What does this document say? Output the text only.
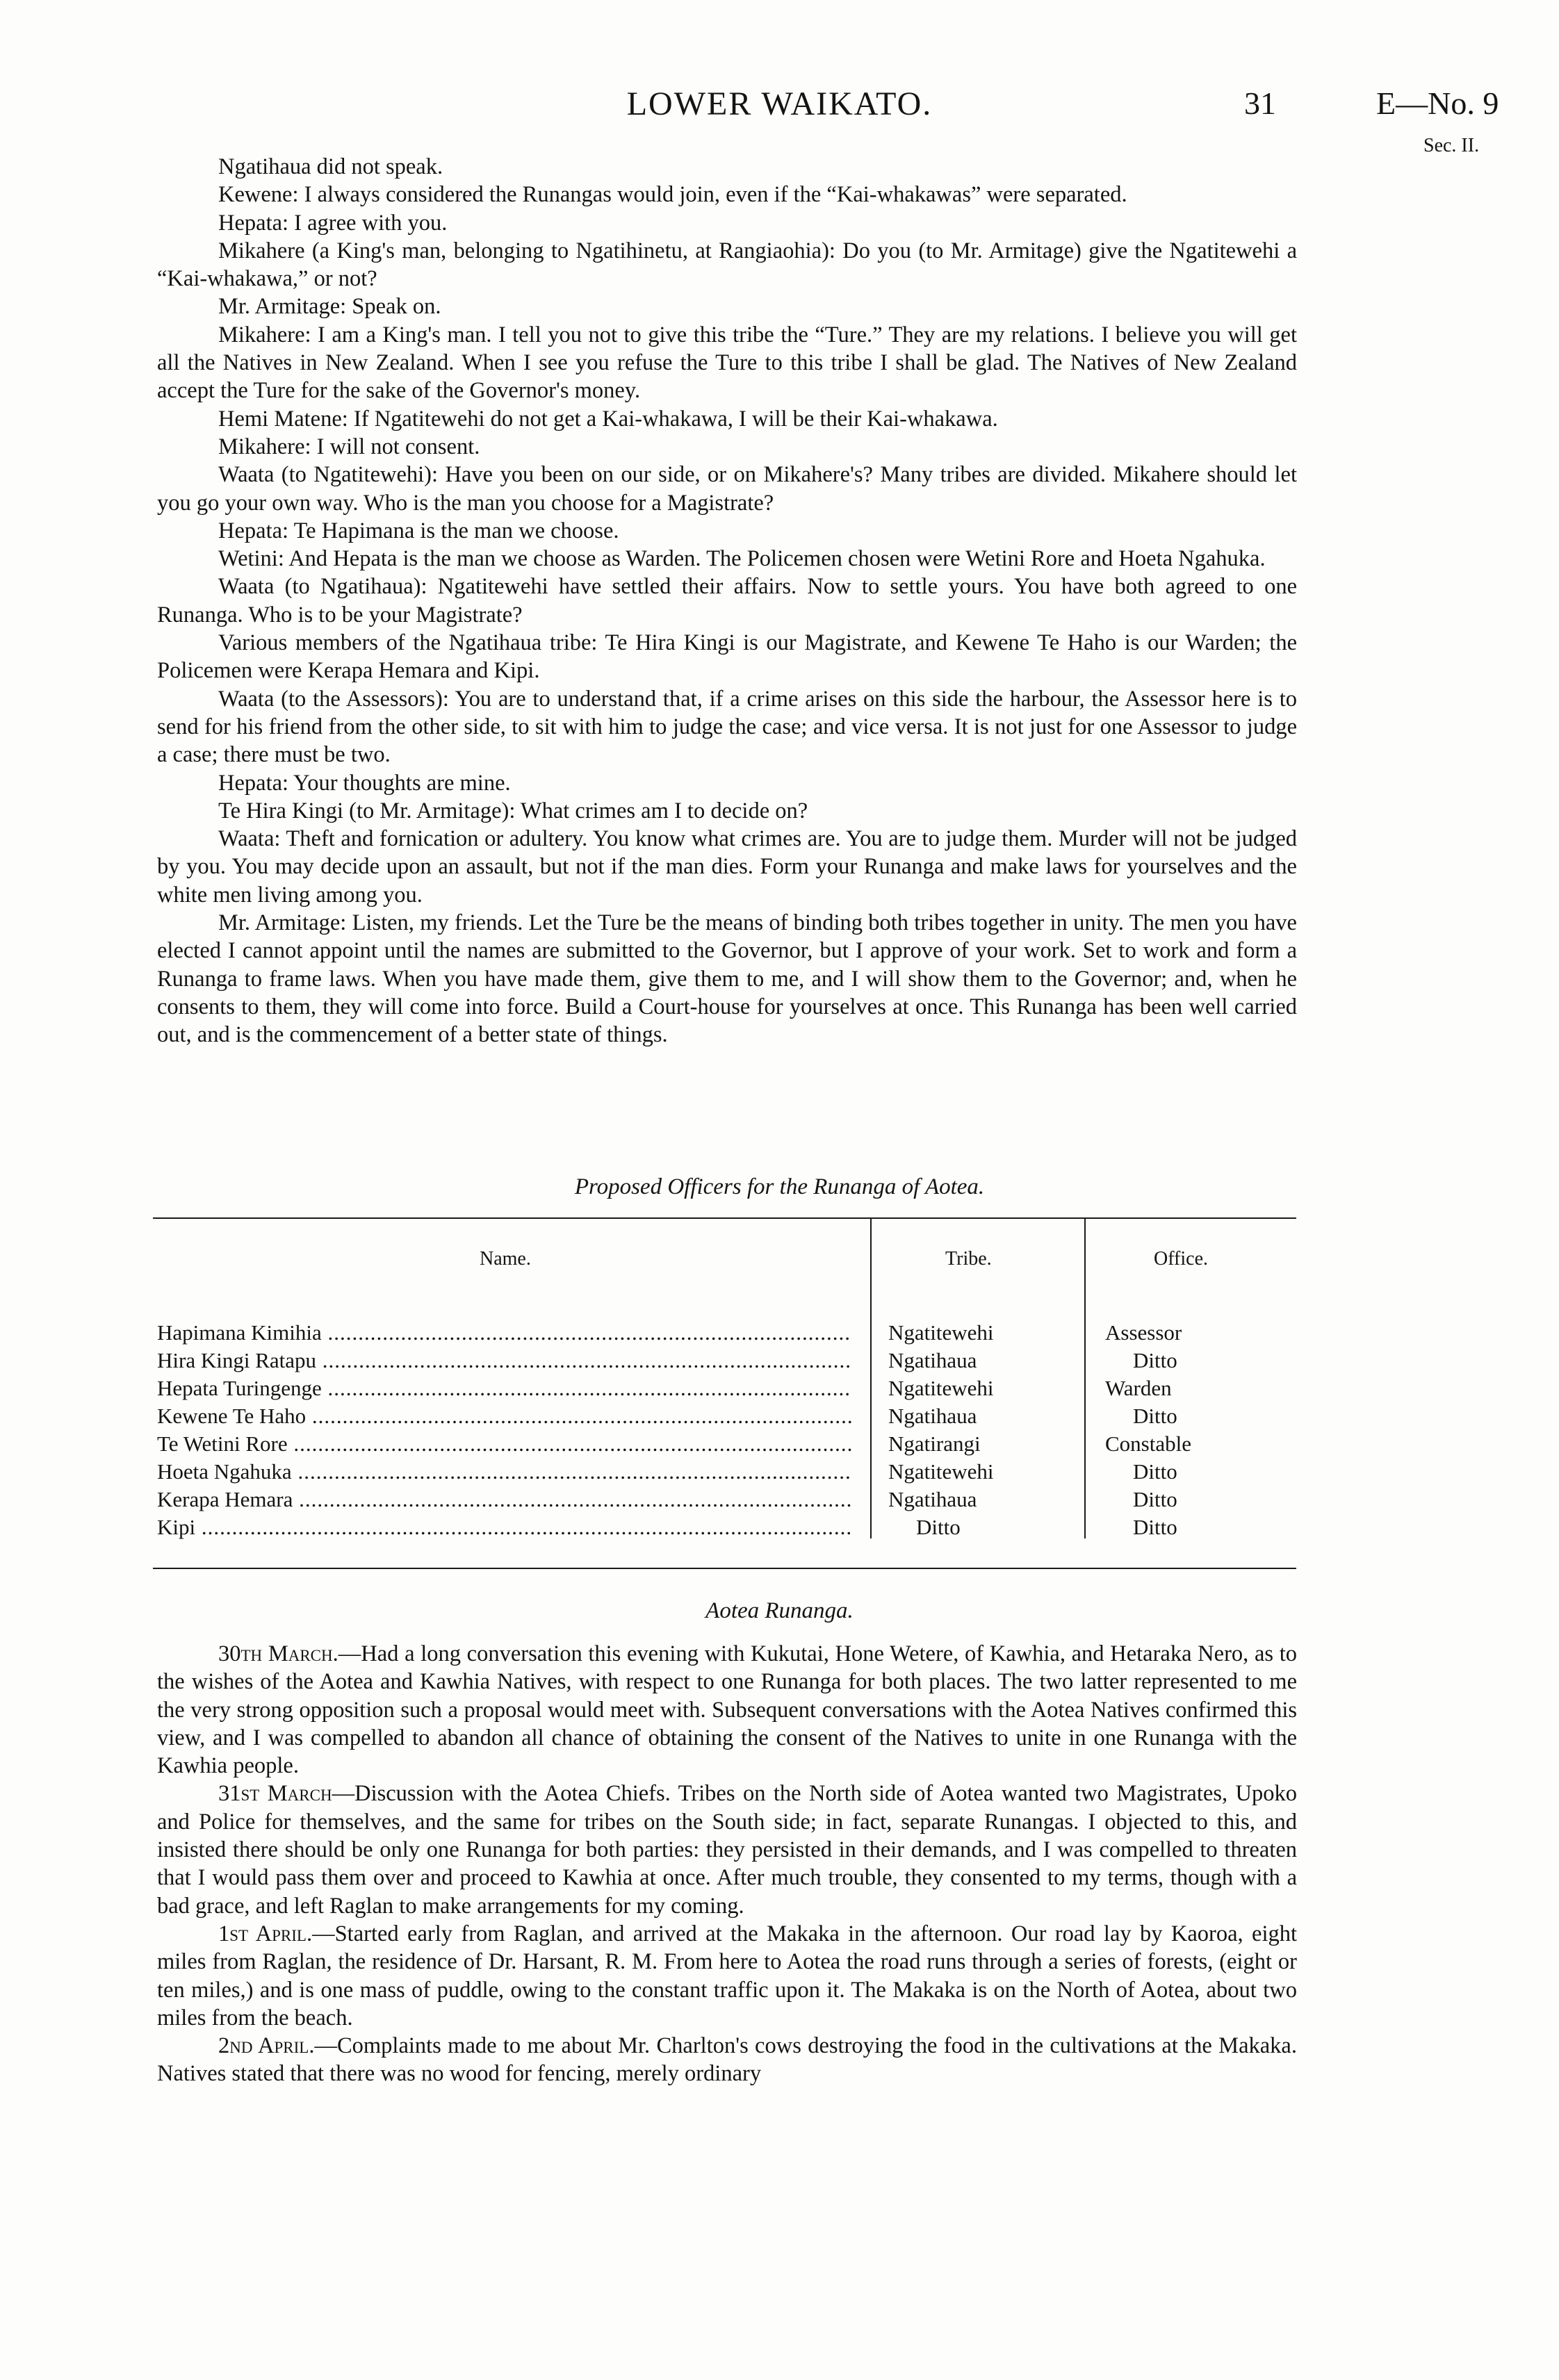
LOWER WAIKATO.	31	E—No. 9
Sec. II.

Ngatihaua did not speak.

Kewene: I always considered the Runangas would join, even if the “Kai-whakawas” were separated.

Hepata: I agree with you.

Mikahere (a King's man, belonging to Ngatihinetu, at Rangiaohia): Do you (to Mr. Armitage) give the Ngatitewehi a “Kai-whakawa,” or not?

Mr. Armitage: Speak on.

Mikahere: I am a King's man. I tell you not to give this tribe the “Ture.” They are my relations. I believe you will get all the Natives in New Zealand. When I see you refuse the Ture to this tribe I shall be glad. The Natives of New Zealand accept the Ture for the sake of the Governor's money.

Hemi Matene: If Ngatitewehi do not get a Kai-whakawa, I will be their Kai-whakawa.

Mikahere: I will not consent.

Waata (to Ngatitewehi): Have you been on our side, or on Mikahere's? Many tribes are divided. Mikahere should let you go your own way. Who is the man you choose for a Magistrate?

Hepata: Te Hapimana is the man we choose.

Wetini: And Hepata is the man we choose as Warden. The Policemen chosen were Wetini Rore and Hoeta Ngahuka.

Waata (to Ngatihaua): Ngatitewehi have settled their affairs. Now to settle yours. You have both agreed to one Runanga. Who is to be your Magistrate?

Various members of the Ngatihaua tribe: Te Hira Kingi is our Magistrate, and Kewene Te Haho is our Warden; the Policemen were Kerapa Hemara and Kipi.

Waata (to the Assessors): You are to understand that, if a crime arises on this side the harbour, the Assessor here is to send for his friend from the other side, to sit with him to judge the case; and vice versa. It is not just for one Assessor to judge a case; there must be two.

Hepata: Your thoughts are mine.

Te Hira Kingi (to Mr. Armitage): What crimes am I to decide on?

Waata: Theft and fornication or adultery. You know what crimes are. You are to judge them. Murder will not be judged by you. You may decide upon an assault, but not if the man dies. Form your Runanga and make laws for yourselves and the white men living among you.

Mr. Armitage: Listen, my friends. Let the Ture be the means of binding both tribes together in unity. The men you have elected I cannot appoint until the names are submitted to the Governor, but I approve of your work. Set to work and form a Runanga to frame laws. When you have made them, give them to me, and I will show them to the Governor; and, when he consents to them, they will come into force. Build a Court-house for yourselves at once. This Runanga has been well carried out, and is the commencement of a better state of things.

Proposed Officers for the Runanga of Aotea.
Name.	Tribe.	Office.
Hapimana Kimihia .....	Ngatitewehi	Assessor
Hira Kingi Ratapu .....	Ngatihaua	Ditto
Hepata Turingenge .....	Ngatitewehi	Warden
Kewene Te Haho .....	Ngatihaua	Ditto
Te Wetini Rore .....	Ngatirangi	Constable
Hoeta Ngahuka .....	Ngatitewehi	Ditto
Kerapa Hemara .....	Ngatihaua	Ditto
Kipi .....	Ditto	Ditto
Aotea Runanga.

30th March.—Had a long conversation this evening with Kukutai, Hone Wetere, of Kawhia, and Hetaraka Nero, as to the wishes of the Aotea and Kawhia Natives, with respect to one Runanga for both places. The two latter represented to me the very strong opposition such a proposal would meet with. Subsequent conversations with the Aotea Natives confirmed this view, and I was compelled to abandon all chance of obtaining the consent of the Natives to unite in one Runanga with the Kawhia people.

31st March—Discussion with the Aotea Chiefs. Tribes on the North side of Aotea wanted two Magistrates, Upoko and Police for themselves, and the same for tribes on the South side; in fact, separate Runangas. I objected to this, and insisted there should be only one Runanga for both parties: they persisted in their demands, and I was compelled to threaten that I would pass them over and proceed to Kawhia at once. After much trouble, they consented to my terms, though with a bad grace, and left Raglan to make arrangements for my coming.

1st April.—Started early from Raglan, and arrived at the Makaka in the afternoon. Our road lay by Kaoroa, eight miles from Raglan, the residence of Dr. Harsant, R. M. From here to Aotea the road runs through a series of forests, (eight or ten miles,) and is one mass of puddle, owing to the constant traffic upon it. The Makaka is on the North of Aotea, about two miles from the beach.

2nd April.—Complaints made to me about Mr. Charlton's cows destroying the food in the cultivations at the Makaka. Natives stated that there was no wood for fencing, merely ordinary
